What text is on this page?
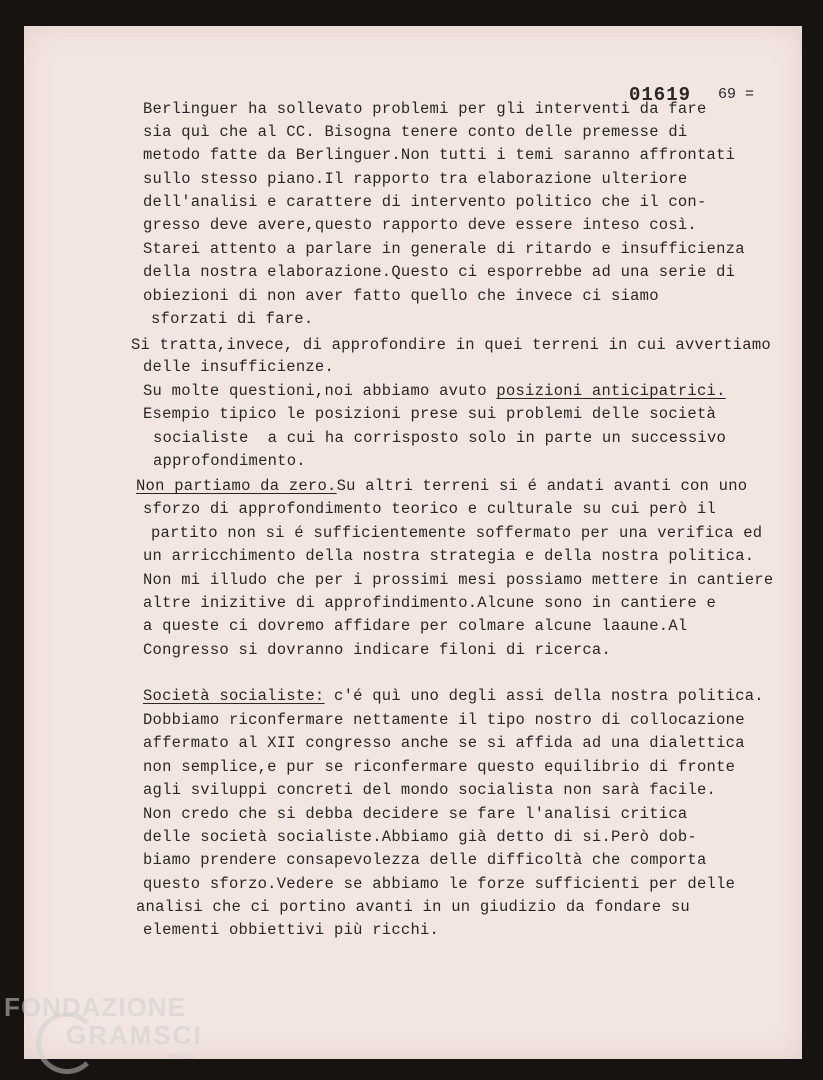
01619 69 =
Berlinguer ha sollevato problemi per gli interventi da fare
sia quì che al CC. Bisogna tenere conto delle premesse di
metodo fatte da Berlinguer.Non tutti i temi saranno affrontati
sullo stesso piano.Il rapporto tra elaborazione ulteriore
dell'analisi e carattere di intervento politico che il con-
gresso deve avere,questo rapporto deve essere inteso così.
Starei attento a parlare in generale di ritardo e insufficienza
della nostra elaborazione.Questo ci esporrebbe ad una serie di
obiezioni di non aver fatto quello che invece ci siamo
sforzati di fare.
Si tratta,invece, di approfondire in quei terreni in cui avvertiamo
delle insufficienze.
Su molte questioni,noi abbiamo avuto posizioni anticipatrici.
Esempio tipico le posizioni prese sui problemi delle società
socialiste  a cui ha corrisposto solo in parte un successivo
approfondimento.
Non partiamo da zero.Su altri terreni si é andati avanti con uno
sforzo di approfondimento teorico e culturale su cui però il
partito non si é sufficientemente soffermato per una verifica ed
un arricchimento della nostra strategia e della nostra politica.
Non mi illudo che per i prossimi mesi possiamo mettere in cantiere
altre inizitive di approfindimento.Alcune sono in cantiere e
a queste ci dovremo affidare per colmare alcune laaune.Al
Congresso si dovranno indicare filoni di ricerca.
Società socialiste: c'é quì uno degli assi della nostra politica.
Dobbiamo riconfermare nettamente il tipo nostro di collocazione
affermato al XII congresso anche se si affida ad una dialettica
non semplice,e pur se riconfermare questo equilibrio di fronte
agli sviluppi concreti del mondo socialista non sarà facile.
Non credo che si debba decidere se fare l'analisi critica
delle società socialiste.Abbiamo già detto di si.Però dob-
biamo prendere consapevolezza delle difficoltà che comporta
questo sforzo.Vedere se abbiamo le forze sufficienti per delle
analisi che ci portino avanti in un giudizio da fondare su
elementi obbiettivi più ricchi.
FONDAZIONE
GRAMSCI
onlus
